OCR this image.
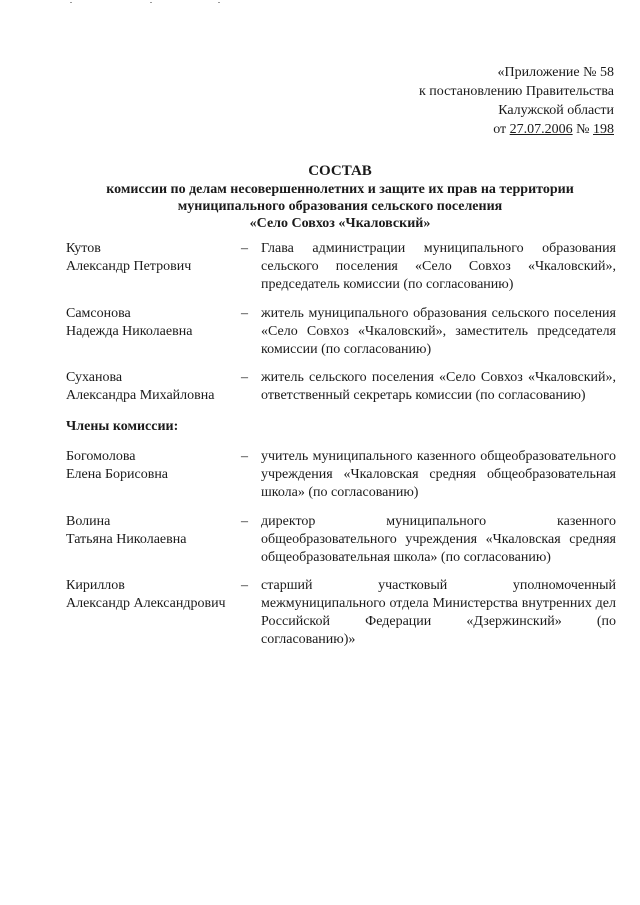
«Приложение № 58
к постановлению Правительства
Калужской области
от 27.07.2006 № 198
СОСТАВ
комиссии по делам несовершеннолетних и защите их прав на территории
муниципального образования сельского поселения
«Село Совхоз «Чкаловский»
Кутов
Александр Петрович
– Глава администрации муниципального образования сельского поселения «Село Совхоз «Чкаловский», председатель комиссии (по согласованию)
Самсонова
Надежда Николаевна
– житель муниципального образования сельского поселения «Село Совхоз «Чкаловский», заместитель председателя комиссии (по согласованию)
Суханова
Александра Михайловна
– житель сельского поселения «Село Совхоз «Чкаловский», ответственный секретарь комиссии (по согласованию)
Члены комиссии:
Богомолова
Елена Борисовна
– учитель муниципального казенного общеобразовательного учреждения «Чкаловская средняя общеобразовательная школа» (по согласованию)
Волина
Татьяна Николаевна
– директор муниципального казенного общеобразовательного учреждения «Чкаловская средняя общеобразовательная школа» (по согласованию)
Кириллов
Александр Александрович
– старший участковый уполномоченный межмуниципального отдела Министерства внутренних дел Российской Федерации «Дзержинский» (по согласованию)»
